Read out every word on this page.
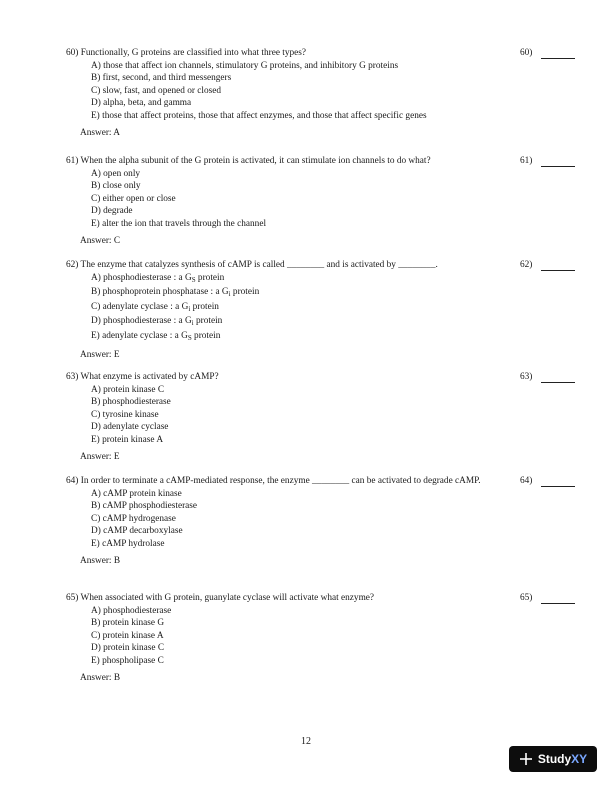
60) Functionally, G proteins are classified into what three types?	60)
A) those that affect ion channels, stimulatory G proteins, and inhibitory G proteins
B) first, second, and third messengers
C) slow, fast, and opened or closed
D) alpha, beta, and gamma
E) those that affect proteins, those that affect enzymes, and those that affect specific genes
Answer: A
61) When the alpha subunit of the G protein is activated, it can stimulate ion channels to do what?	61)
A) open only
B) close only
C) either open or close
D) degrade
E) alter the ion that travels through the channel
Answer: C
62) The enzyme that catalyzes synthesis of cAMP is called ________ and is activated by ________.	62)
A) phosphodiesterase : a $G_S$ protein
B) phosphoprotein phosphatase : a $G_i$ protein
C) adenylate cyclase : a $G_i$ protein
D) phosphodiesterase : a $G_i$ protein
E) adenylate cyclase : a $G_S$ protein
Answer: E
63) What enzyme is activated by cAMP?	63)
A) protein kinase C
B) phosphodiesterase
C) tyrosine kinase
D) adenylate cyclase
E) protein kinase A
Answer: E
64) In order to terminate a cAMP-mediated response, the enzyme ________ can be activated to degrade cAMP.	64)
A) cAMP protein kinase
B) cAMP phosphodiesterase
C) cAMP hydrogenase
D) cAMP decarboxylase
E) cAMP hydrolase
Answer: B
65) When associated with G protein, guanylate cyclase will activate what enzyme?	65)
A) phosphodiesterase
B) protein kinase G
C) protein kinase A
D) protein kinase C
E) phospholipase C
Answer: B
12
Study XY
